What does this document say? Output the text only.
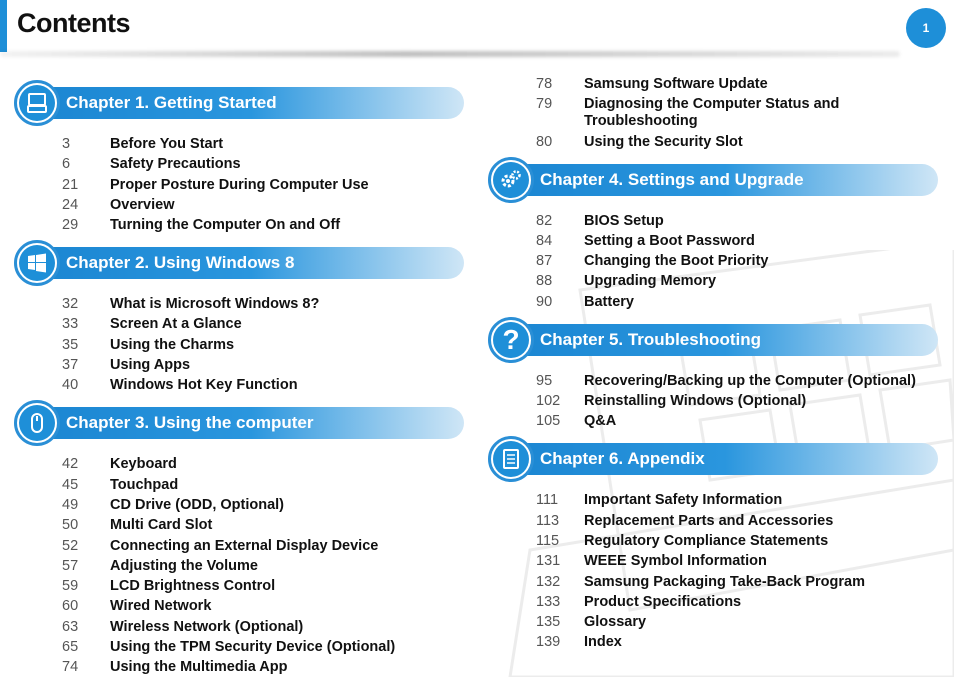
Contents	1
Chapter 1. Getting Started
3	Before You Start
6	Safety Precautions
21	Proper Posture During Computer Use
24	Overview
29	Turning the Computer On and Off
Chapter 2. Using Windows 8
32	What is Microsoft Windows 8?
33	Screen At a Glance
35	Using the Charms
37	Using Apps
40	Windows Hot Key Function
Chapter 3. Using the computer
42	Keyboard
45	Touchpad
49	CD Drive (ODD, Optional)
50	Multi Card Slot
52	Connecting an External Display Device
57	Adjusting the Volume
59	LCD Brightness Control
60	Wired Network
63	Wireless Network (Optional)
65	Using the TPM Security Device (Optional)
74	Using the Multimedia App
78	Samsung Software Update
79	Diagnosing the Computer Status and Troubleshooting
80	Using the Security Slot
Chapter 4. Settings and Upgrade
82	BIOS Setup
84	Setting a Boot Password
87	Changing the Boot Priority
88	Upgrading Memory
90	Battery
? Chapter 5. Troubleshooting
95	Recovering/Backing up the Computer (Optional)
102	Reinstalling Windows (Optional)
105	Q&A
Chapter 6. Appendix
111	Important Safety Information
113	Replacement Parts and Accessories
115	Regulatory Compliance Statements
131	WEEE Symbol Information
132	Samsung Packaging Take-Back Program
133	Product Specifications
135	Glossary
139	Index
